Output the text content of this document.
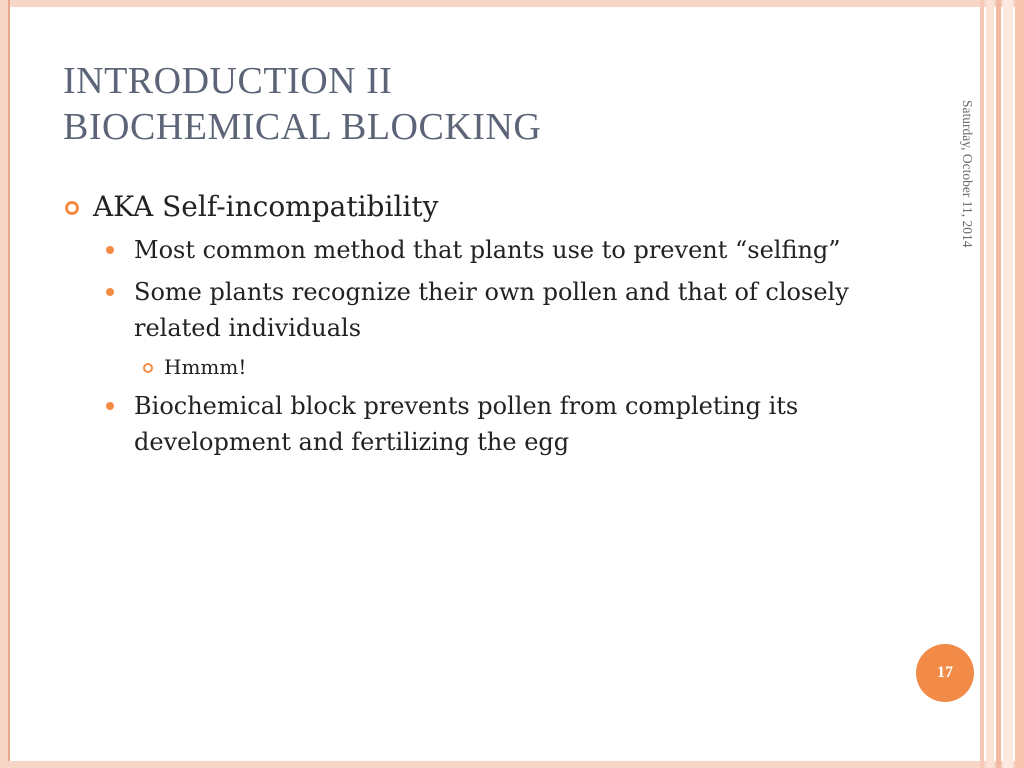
INTRODUCTION II
BIOCHEMICAL BLOCKING	Saturday, October 11, 2014
AKA Self-incompatibility
Most common method that plants use to prevent “selfing”
Some plants recognize their own pollen and that of closely related individuals
Hmmm!
Biochemical block prevents pollen from completing its development and fertilizing the egg
17
